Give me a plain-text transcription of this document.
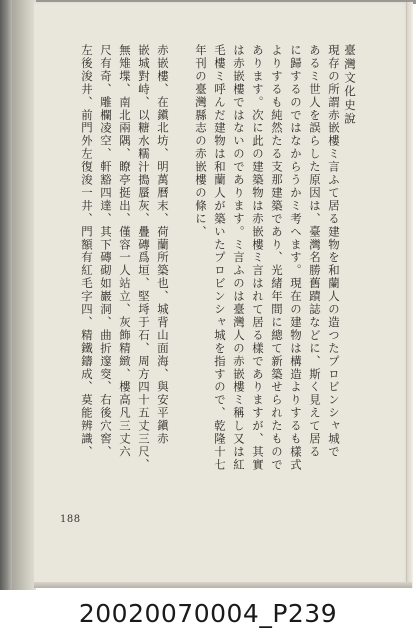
臺灣文化史說
現存の所謂赤嵌樓ミ言ふて居る建物を和蘭人の造つたプロビンシャ城で
あるミ世人を誤らした原因は、臺灣名勝舊蹟誌などに、斯く見えて居る
に歸するのではなからうかミ考へます。現在の建物は構造よりするも樣式
よりするも純然たる支那建築であり、光緒年間に總て新築せられたもので
あります。次に此の建築物は赤嵌樓ミ言はれて居る樣でありますが、其實
は赤嵌樓ではないのであります。ミ言ふのは臺灣人の赤嵌樓ミ稱し又は紅
毛樓ミ呼んだ建物は和蘭人が築いたプロビンシャ城を指すので、乾隆十七
年刊の臺灣縣志の赤嵌樓の條に、
赤嵌樓、在鎭北坊、明萬曆末、荷蘭所築也、城背山面海、與安平鎭赤
嵌城對峙、以糖水糯汁搗蜃灰、疊磚爲垣、堅埓于石、周方四十五丈三尺、
無雉堞、南北兩隅、瞭亭挺出、僅容一人站立、灰飾精緻、樓高凡三丈六
尺有奇、雕欄凌空、軒豁四達、其下磚砌如巖洞、曲折邃窔、右後穴窖、
左後浚井、前門外左復浚一井、門額有紅毛字四、精鐵鑄成、莫能辨識、
188
20020070004_P239
